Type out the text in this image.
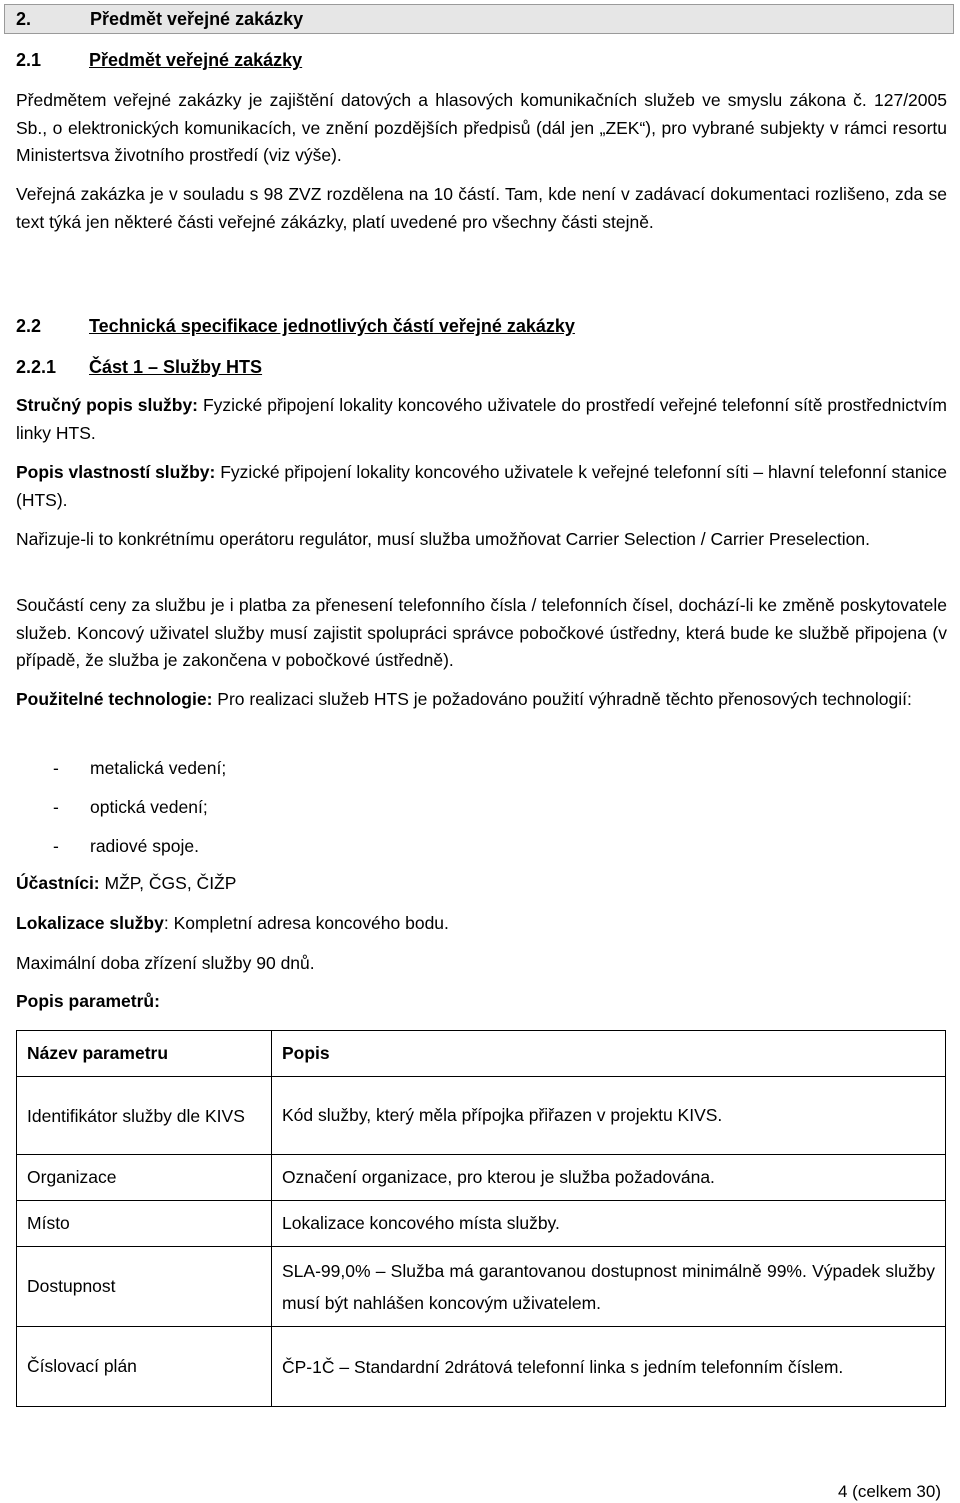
2.	Předmět veřejné zakázky
2.1	Předmět veřejné zakázky

Předmětem veřejné zakázky je zajištění datových a hlasových komunikačních služeb ve smyslu zákona č. 127/2005 Sb., o elektronických komunikacích, ve znění pozdějších předpisů (dál jen „ZEK“), pro vybrané subjekty v rámci resortu Ministertsva životního prostředí (viz výše).

Veřejná zakázka je v souladu s 98 ZVZ rozdělena na 10 částí. Tam, kde není v zadávací dokumentaci rozlišeno, zda se text týká jen některé části veřejné zákázky, platí uvedené pro všechny části stejně.

2.2	Technická specifikace jednotlivých částí veřejné zakázky
2.2.1 Část 1 – Služby HTS

Stručný popis služby: Fyzické připojení lokality koncového uživatele do prostředí veřejné telefonní sítě prostřednictvím linky HTS.

Popis vlastností služby: Fyzické připojení lokality koncového uživatele k veřejné telefonní síti – hlavní telefonní stanice (HTS).

Nařizuje-li to konkrétnímu operátoru regulátor, musí služba umožňovat Carrier Selection / Carrier Preselection.

Součástí ceny za službu je i platba za přenesení telefonního čísla / telefonních čísel, dochází-li ke změně poskytovatele služeb. Koncový uživatel služby musí zajistit spolupráci správce pobočkové ústředny, která bude ke službě připojena (v případě, že služba je zakončena v pobočkové ústředně).

Použitelné technologie: Pro realizaci služeb HTS je požadováno použití výhradně těchto přenosových technologií:

- metalická vedení;
- optická vedení;
- radiové spoje.

Účastníci: MŽP, ČGS, ČIŽP

Lokalizace služby: Kompletní adresa koncového bodu.

Maximální doba zřízení služby 90 dnů.

Popis parametrů:

Název parametru	Popis

Identifikátor služby dle KIVS	Kód služby, který měla přípojka přiřazen v projektu KIVS.
Organizace	Označení organizace, pro kterou je služba požadována.
Místo	Lokalizace koncového místa služby.
Dostupnost	SLA-99,0% – Služba má garantovanou dostupnost minimálně 99%. Výpadek služby musí být nahlášen koncovým uživatelem.

Číslovací plán	ČP-1Č – Standardní 2drátová telefonní linka s jedním telefonním číslem.
4 (celkem 30)
